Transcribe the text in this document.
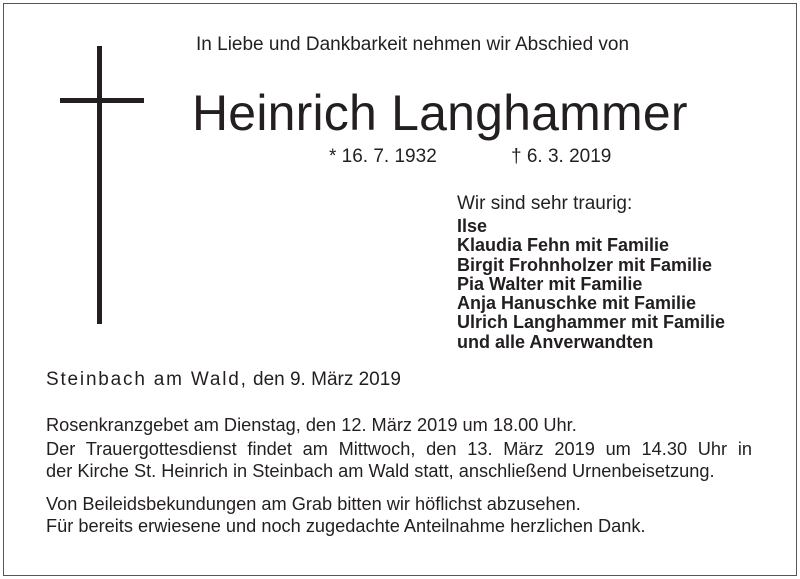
In Liebe und Dankbarkeit nehmen wir Abschied von
Heinrich Langhammer
* 16. 7. 1932	† 6. 3. 2019
Wir sind sehr traurig:
Ilse
Klaudia Fehn mit Familie
Birgit Frohnholzer mit Familie
Pia Walter mit Familie
Anja Hanuschke mit Familie
Ulrich Langhammer mit Familie
und alle Anverwandten
Steinbach am Wald, den 9. März 2019
Rosenkranzgebet am Dienstag, den 12. März 2019 um 18.00 Uhr.
Der Trauergottesdienst findet am Mittwoch, den 13. März 2019 um 14.30 Uhr in
der Kirche St. Heinrich in Steinbach am Wald statt, anschließend Urnenbeisetzung.
Von Beileidsbekundungen am Grab bitten wir höflichst abzusehen.
Für bereits erwiesene und noch zugedachte Anteilnahme herzlichen Dank.
